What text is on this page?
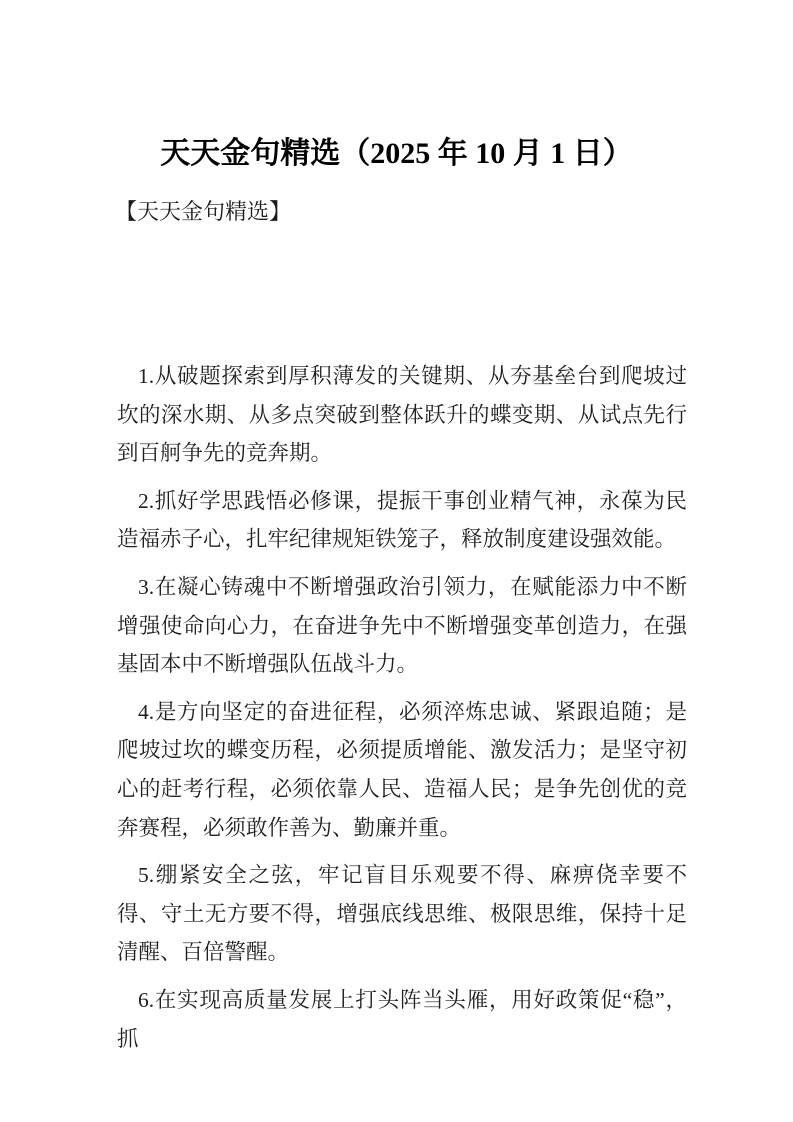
天天金句精选（2025 年 10 月 1 日）
【天天金句精选】

1.从破题探索到厚积薄发的关键期、从夯基垒台到爬坡过坎的深水期、从多点突破到整体跃升的蝶变期、从试点先行到百舸争先的竞奔期。

2.抓好学思践悟必修课，提振干事创业精气神，永葆为民造福赤子心，扎牢纪律规矩铁笼子，释放制度建设强效能。

3.在凝心铸魂中不断增强政治引领力，在赋能添力中不断增强使命向心力，在奋进争先中不断增强变革创造力，在强基固本中不断增强队伍战斗力。

4.是方向坚定的奋进征程，必须淬炼忠诚、紧跟追随；是爬坡过坎的蝶变历程，必须提质增能、激发活力；是坚守初心的赶考行程，必须依靠人民、造福人民；是争先创优的竞奔赛程，必须敢作善为、勤廉并重。

5.绷紧安全之弦，牢记盲目乐观要不得、麻痹侥幸要不得、守土无方要不得，增强底线思维、极限思维，保持十足清醒、百倍警醒。

6.在实现高质量发展上打头阵当头雁，用好政策促“稳”，抓
